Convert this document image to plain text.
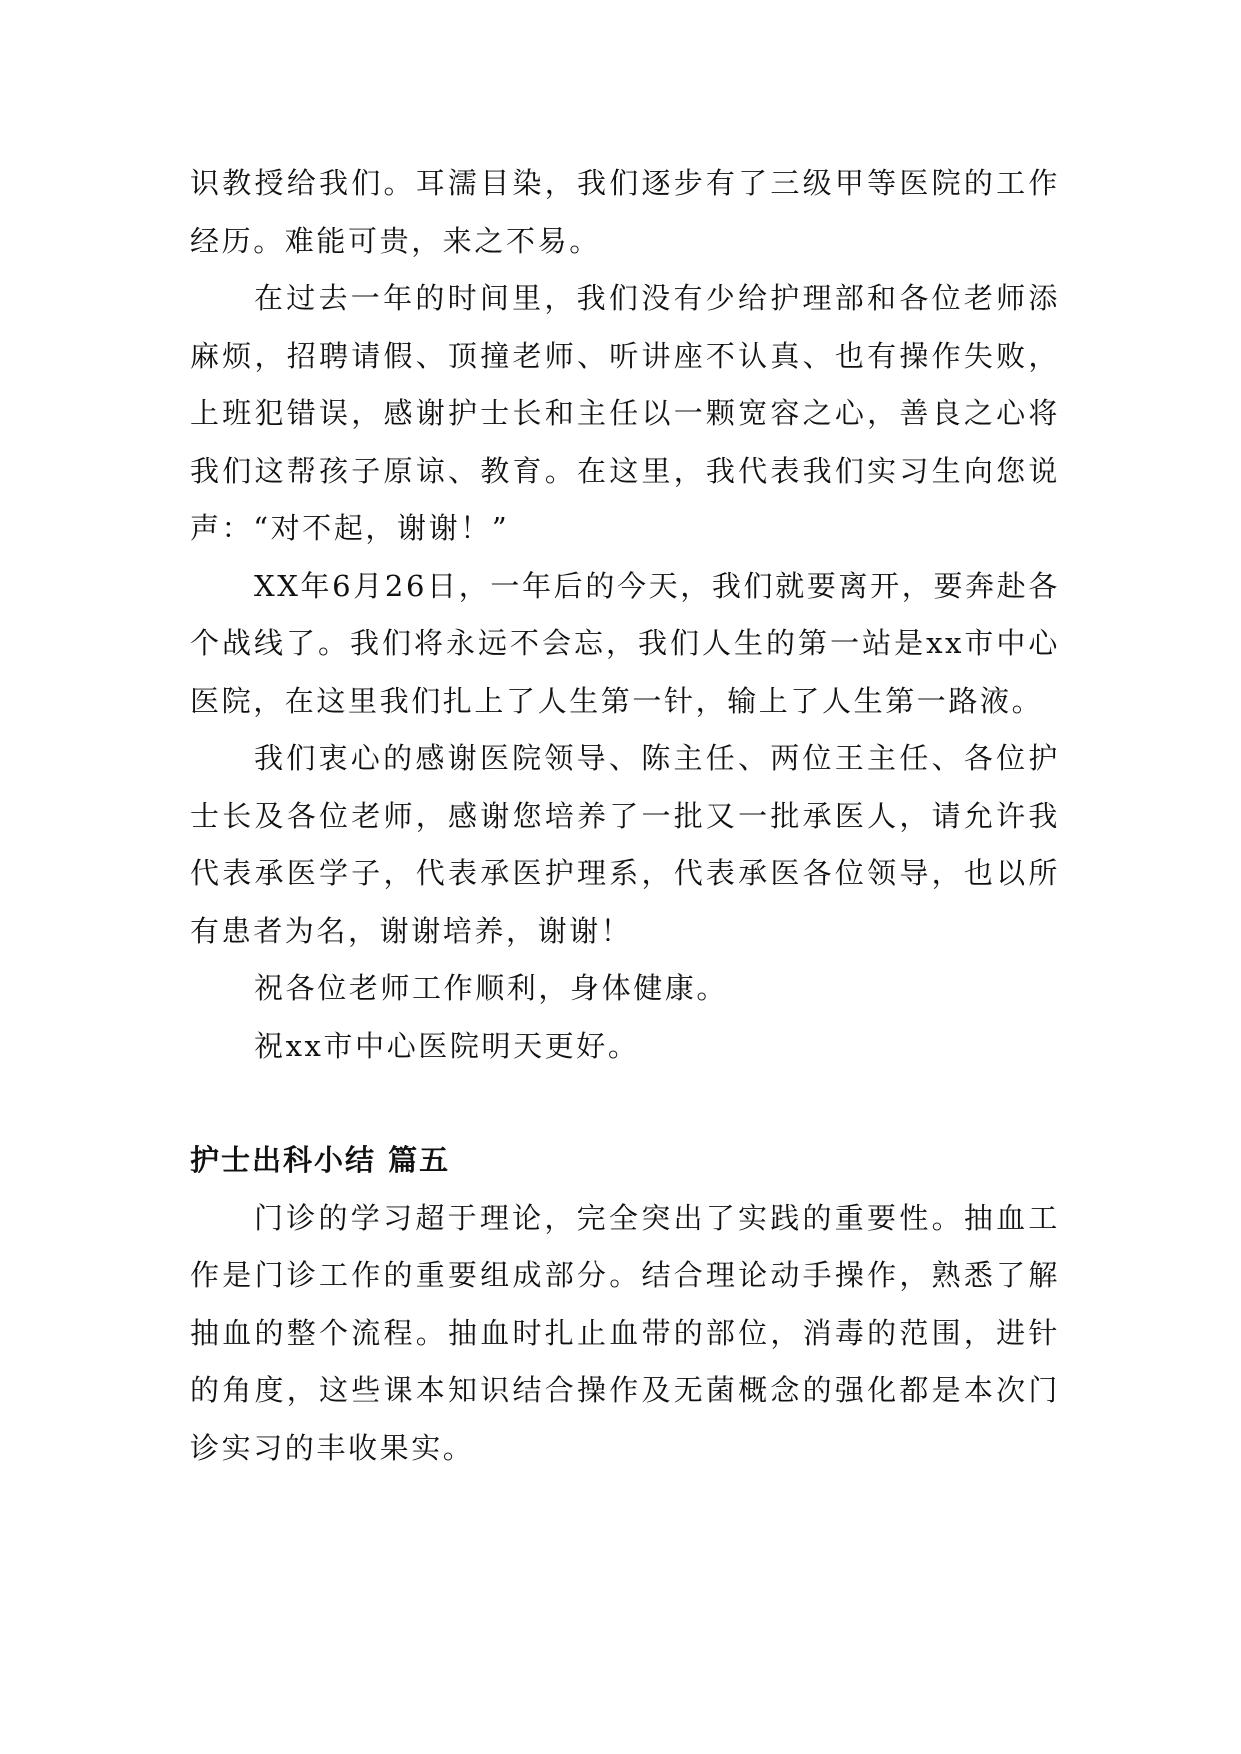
识教授给我们。耳濡目染，我们逐步有了三级甲等医院的工作经历。难能可贵，来之不易。

在过去一年的时间里，我们没有少给护理部和各位老师添麻烦，招聘请假、顶撞老师、听讲座不认真、也有操作失败，上班犯错误，感谢护士长和主任以一颗宽容之心，善良之心将我们这帮孩子原谅、教育。在这里，我代表我们实习生向您说声：“对不起，谢谢！”

XX年6月26日，一年后的今天，我们就要离开，要奔赴各个战线了。我们将永远不会忘，我们人生的第一站是xx市中心医院，在这里我们扎上了人生第一针，输上了人生第一路液。

我们衷心的感谢医院领导、陈主任、两位王主任、各位护士长及各位老师，感谢您培养了一批又一批承医人，请允许我代表承医学子，代表承医护理系，代表承医各位领导，也以所有患者为名，谢谢培养，谢谢！

祝各位老师工作顺利，身体健康。

祝xx市中心医院明天更好。

护士出科小结 篇五

门诊的学习超于理论，完全突出了实践的重要性。抽血工作是门诊工作的重要组成部分。结合理论动手操作，熟悉了解抽血的整个流程。抽血时扎止血带的部位，消毒的范围，进针的角度，这些课本知识结合操作及无菌概念的强化都是本次门诊实习的丰收果实。
